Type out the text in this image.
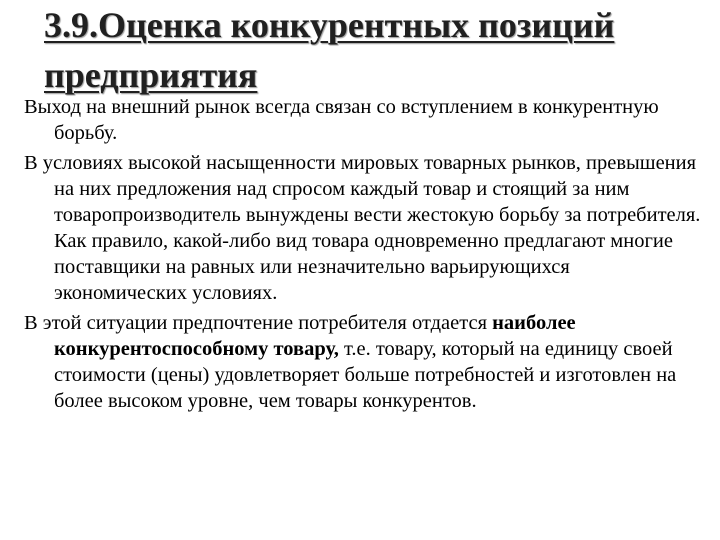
3.9.Оценка конкурентных позиций предприятия

Выход на внешний рынок всегда связан со вступлением в конкурентную борьбу.

В условиях высокой насыщенности мировых товарных рынков, превышения на них предложения над спросом каждый товар и стоящий за ним товаропроизводитель вынуждены вести жестокую борьбу за потребителя. Как правило, какой-либо вид товара одновременно предлагают многие поставщики на равных или незначительно варьирующихся экономических условиях.

В этой ситуации предпочтение потребителя отдается наиболее конкурентоспособному товару, т.е. товару, который на единицу своей стоимости (цены) удовлетворяет больше потребностей и изготовлен на более высоком уровне, чем товары конкурентов.
